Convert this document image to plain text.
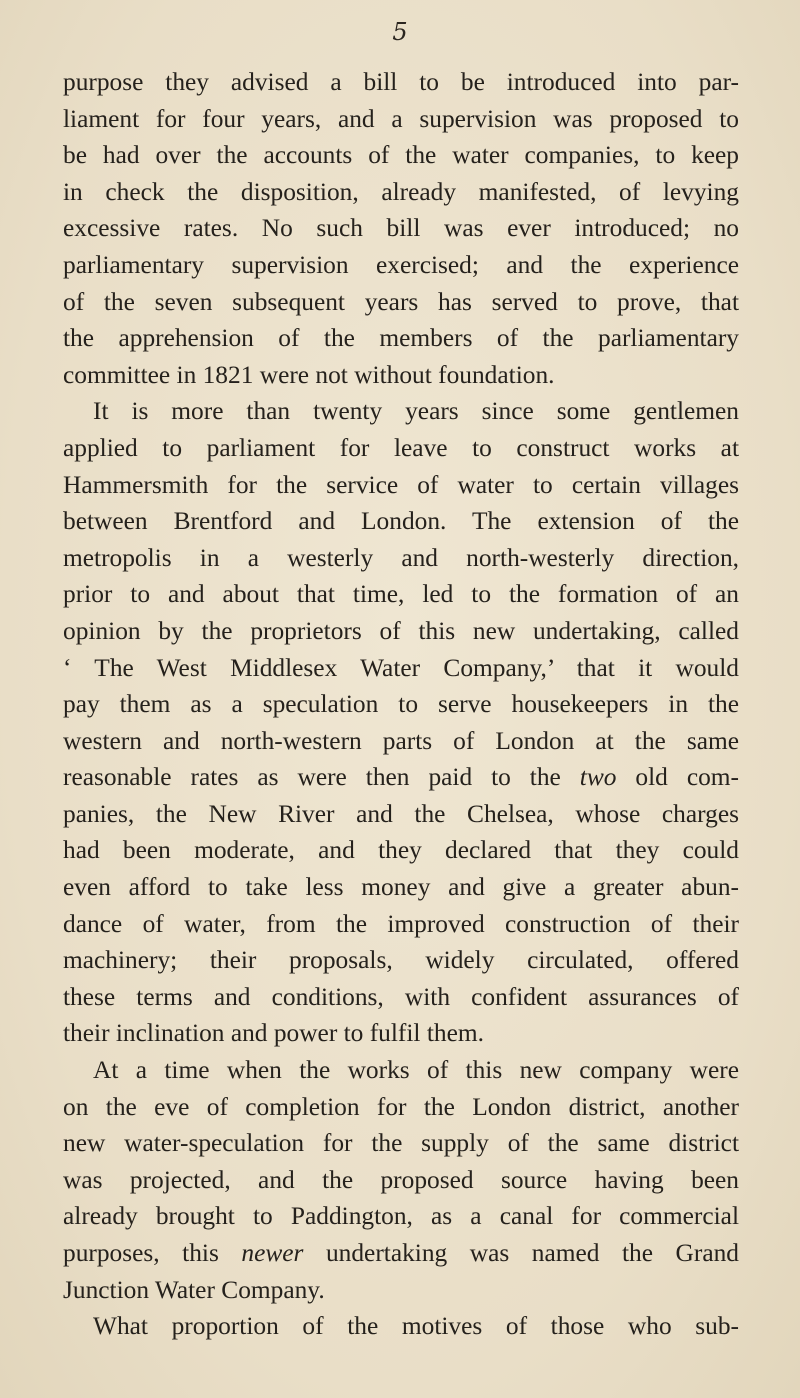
5
purpose they advised a bill to be introduced into par-
liament for four years, and a supervision was proposed to
be had over the accounts of the water companies, to keep
in check the disposition, already manifested, of levying
excessive rates. No such bill was ever introduced; no
parliamentary supervision exercised; and the experience
of the seven subsequent years has served to prove, that
the apprehension of the members of the parliamentary
committee in 1821 were not without foundation.
It is more than twenty years since some gentlemen
applied to parliament for leave to construct works at
Hammersmith for the service of water to certain villages
between Brentford and London. The extension of the
metropolis in a westerly and north-westerly direction,
prior to and about that time, led to the formation of an
opinion by the proprietors of this new undertaking, called
‘ The West Middlesex Water Company,’ that it would
pay them as a speculation to serve housekeepers in the
western and north-western parts of London at the same
reasonable rates as were then paid to the two old com-
panies, the New River and the Chelsea, whose charges
had been moderate, and they declared that they could
even afford to take less money and give a greater abun-
dance of water, from the improved construction of their
machinery; their proposals, widely circulated, offered
these terms and conditions, with confident assurances of
their inclination and power to fulfil them.
At a time when the works of this new company were
on the eve of completion for the London district, another
new water-speculation for the supply of the same district
was projected, and the proposed source having been
already brought to Paddington, as a canal for commercial
purposes, this newer undertaking was named the Grand
Junction Water Company.
What proportion of the motives of those who sub-
